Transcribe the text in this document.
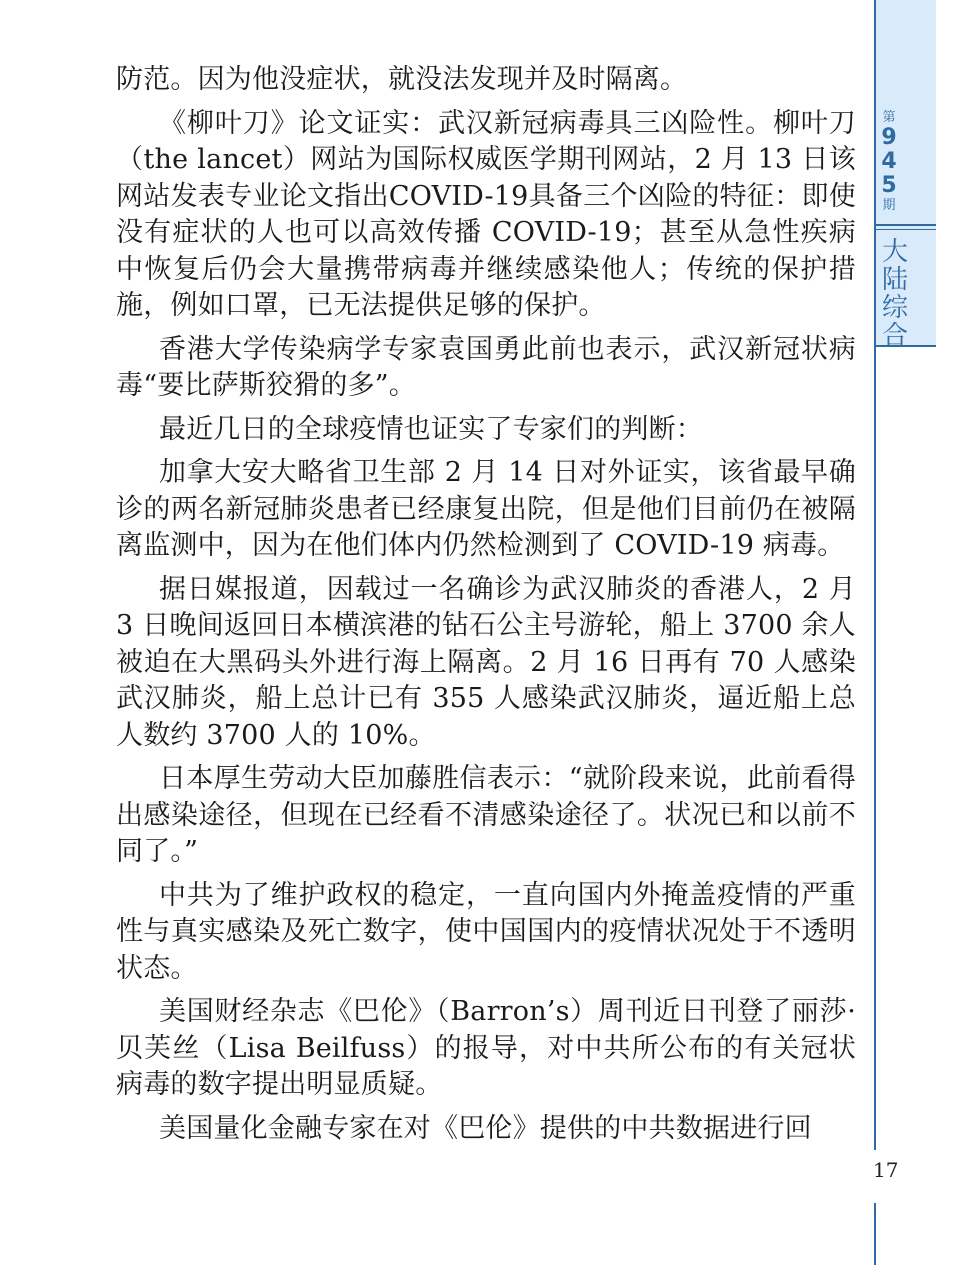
防范。因为他没症状，就没法发现并及时隔离。

《柳叶刀》论文证实：武汉新冠病毒具三凶险性。柳叶刀（the lancet）网站为国际权威医学期刊网站，2 月 13 日该网站发表专业论文指出COVID-19具备三个凶险的特征：即使没有症状的人也可以高效传播 COVID-19；甚至从急性疾病中恢复后仍会大量携带病毒并继续感染他人；传统的保护措施，例如口罩，已无法提供足够的保护。

香港大学传染病学专家袁国勇此前也表示，武汉新冠状病毒“要比萨斯狡猾的多”。

最近几日的全球疫情也证实了专家们的判断：

加拿大安大略省卫生部 2 月 14 日对外证实，该省最早确诊的两名新冠肺炎患者已经康复出院，但是他们目前仍在被隔离监测中，因为在他们体内仍然检测到了 COVID-19 病毒。

据日媒报道，因载过一名确诊为武汉肺炎的香港人，2 月 3 日晚间返回日本横滨港的钻石公主号游轮，船上 3700 余人被迫在大黑码头外进行海上隔离。2 月 16 日再有 70 人感染武汉肺炎，船上总计已有 355 人感染武汉肺炎，逼近船上总人数约 3700 人的 10%。

日本厚生劳动大臣加藤胜信表示：“就阶段来说，此前看得出感染途径，但现在已经看不清感染途径了。状况已和以前不同了。”

中共为了维护政权的稳定，一直向国内外掩盖疫情的严重性与真实感染及死亡数字，使中国国内的疫情状况处于不透明状态。

美国财经杂志《巴伦》（Barron’s）周刊近日刊登了丽莎·贝芙丝（Lisa Beilfuss）的报导，对中共所公布的有关冠状病毒的数字提出明显质疑。

美国量化金融专家在对《巴伦》提供的中共数据进行回

第
9
4
5
期
大
陆
综
合
17
